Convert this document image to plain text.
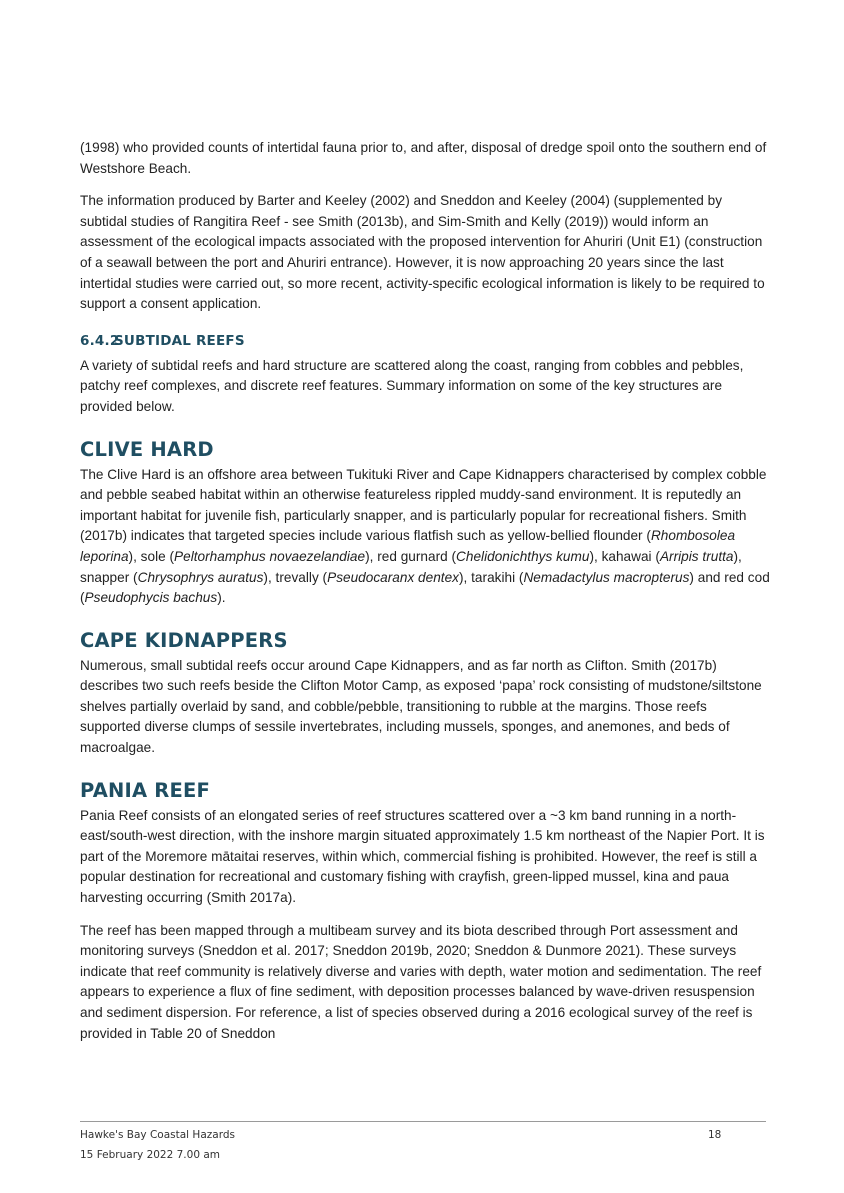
(1998) who provided counts of intertidal fauna prior to, and after, disposal of dredge spoil onto the southern end of Westshore Beach.

The information produced by Barter and Keeley (2002) and Sneddon and Keeley (2004) (supplemented by subtidal studies of Rangitira Reef - see Smith (2013b), and Sim-Smith and Kelly (2019)) would inform an assessment of the ecological impacts associated with the proposed intervention for Ahuriri (Unit E1) (construction of a seawall between the port and Ahuriri entrance). However, it is now approaching 20 years since the last intertidal studies were carried out, so more recent, activity-specific ecological information is likely to be required to support a consent application.

6.4.2SUBTIDAL REEFS

A variety of subtidal reefs and hard structure are scattered along the coast, ranging from cobbles and pebbles, patchy reef complexes, and discrete reef features. Summary information on some of the key structures are provided below.

CLIVE HARD

The Clive Hard is an offshore area between Tukituki River and Cape Kidnappers characterised by complex cobble and pebble seabed habitat within an otherwise featureless rippled muddy-sand environment. It is reputedly an important habitat for juvenile fish, particularly snapper, and is particularly popular for recreational fishers. Smith (2017b) indicates that targeted species include various flatfish such as yellow-bellied flounder (Rhombosolea leporina), sole (Peltorhamphus novaezelandiae), red gurnard (Chelidonichthys kumu), kahawai (Arripis trutta), snapper (Chrysophrys auratus), trevally (Pseudocaranx dentex), tarakihi (Nemadactylus macropterus) and red cod (Pseudophycis bachus).

CAPE KIDNAPPERS

Numerous, small subtidal reefs occur around Cape Kidnappers, and as far north as Clifton. Smith (2017b) describes two such reefs beside the Clifton Motor Camp, as exposed ‘papa’ rock consisting of mudstone/siltstone shelves partially overlaid by sand, and cobble/pebble, transitioning to rubble at the margins. Those reefs supported diverse clumps of sessile invertebrates, including mussels, sponges, and anemones, and beds of macroalgae.

PANIA REEF

Pania Reef consists of an elongated series of reef structures scattered over a ~3 km band running in a north-east/south-west direction, with the inshore margin situated approximately 1.5 km northeast of the Napier Port. It is part of the Moremore mātaitai reserves, within which, commercial fishing is prohibited. However, the reef is still a popular destination for recreational and customary fishing with crayfish, green-lipped mussel, kina and paua harvesting occurring (Smith 2017a).

The reef has been mapped through a multibeam survey and its biota described through Port assessment and monitoring surveys (Sneddon et al. 2017; Sneddon 2019b, 2020; Sneddon & Dunmore 2021). These surveys indicate that reef community is relatively diverse and varies with depth, water motion and sedimentation. The reef appears to experience a flux of fine sediment, with deposition processes balanced by wave-driven resuspension and sediment dispersion. For reference, a list of species observed during a 2016 ecological survey of the reef is provided in Table 20 of Sneddon

Hawke's Bay Coastal Hazards
15 February 2022 7.00 am
18
